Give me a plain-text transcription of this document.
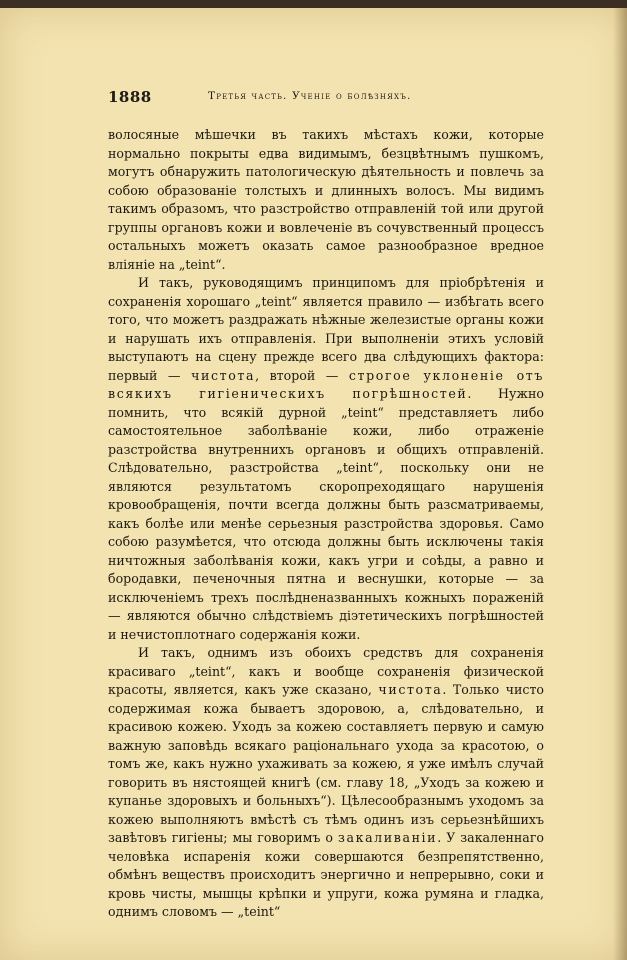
1888	Третья часть. Ученіе о болѣзняхъ.

волосяные мѣшечки въ такихъ мѣстахъ кожи, которые нормально покрыты едва видимымъ, безцвѣтнымъ пушкомъ, могутъ обнаружить патологическую дѣятельность и повлечь за собою образованіе толстыхъ и длинныхъ волосъ. Мы видимъ такимъ образомъ, что разстройство отправленій той или другой группы органовъ кожи и вовлеченіе въ сочувственный процессъ остальныхъ можетъ оказать самое разнообразное вредное вліяніе на „teint“.

И такъ, руководящимъ принципомъ для пріобрѣтенія и сохраненія хорошаго „teint“ является правило — избѣгать всего того, что можетъ раздражать нѣжные железистые органы кожи и нарушать ихъ отправленія. При выполненіи этихъ условій выступаютъ на сцену прежде всего два слѣдующихъ фактора: первый — чистота, второй — строгое уклоненіе отъ всякихъ гигіеническихъ погрѣшностей. Нужно помнить, что всякій дурной „teint“ представляетъ либо самостоятельное заболѣваніе кожи, либо отраженіе разстройства внутреннихъ органовъ и общихъ отправленій. Слѣдовательно, разстройства „teint“, поскольку они не являются результатомъ скоропреходящаго нарушенія кровообращенія, почти всегда должны быть разсматриваемы, какъ болѣе или менѣе серьезныя разстройства здоровья. Само собою разумѣется, что отсюда должны быть исключены такія ничтожныя заболѣванія кожи, какъ угри и соѣды, а равно и бородавки, печеночныя пятна и веснушки, которые — за исключеніемъ трехъ послѣдненазванныхъ кожныхъ пораженій — являются обычно слѣдствіемъ діэтетическихъ погрѣшностей и нечистоплотнаго содержанія кожи.

И такъ, однимъ изъ обоихъ средствъ для сохраненія красиваго „teint“, какъ и вообще сохраненія физической красоты, является, какъ уже сказано, чистота. Только чисто содержимая кожа бываетъ здоровою, а, слѣдовательно, и красивою кожею. Уходъ за кожею составляетъ первую и самую важную заповѣдь всякаго раціональнаго ухода за красотою, о томъ же, какъ нужно ухаживать за кожею, я уже имѣлъ случай говорить въ нястоящей книгѣ (см. главу 18, „Уходъ за кожею и купанье здоровыхъ и больныхъ“). Цѣлесообразнымъ уходомъ за кожею выполняютъ вмѣстѣ съ тѣмъ одинъ изъ серьезнѣйшихъ завѣтовъ гигіены; мы говоримъ о закаливаніи. У закаленнаго человѣка испаренія кожи совершаются безпрепятственно, обмѣнъ веществъ происходитъ энергично и непрерывно, соки и кровь чисты, мышцы крѣпки и упруги, кожа румяна и гладка, однимъ словомъ — „teint“
